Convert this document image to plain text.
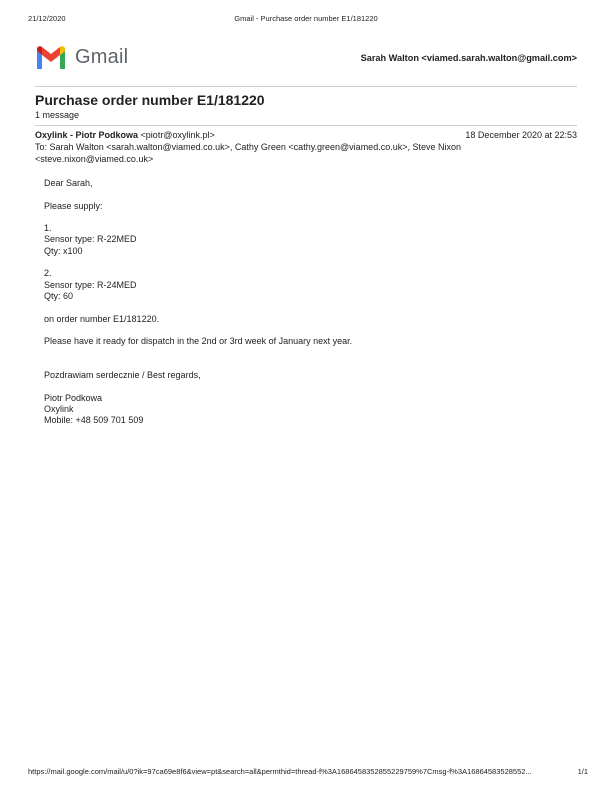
21/12/2020	Gmail - Purchase order number E1/181220
Gmail	Sarah Walton <viamed.sarah.walton@gmail.com>
Purchase order number E1/181220
1 message
Oxylink - Piotr Podkowa <piotr@oxylink.pl>	18 December 2020 at 22:53
To: Sarah Walton <sarah.walton@viamed.co.uk>, Cathy Green <cathy.green@viamed.co.uk>, Steve Nixon
<steve.nixon@viamed.co.uk>
Dear Sarah,
Please supply:
1.
Sensor type: R-22MED
Qty: x100
2.
Sensor type: R-24MED
Qty: 60
on order number E1/181220.
Please have it ready for dispatch in the 2nd or 3rd week of January next year.
Pozdrawiam serdecznie / Best regards,
Piotr Podkowa
Oxylink
Mobile: +48 509 701 509
https://mail.google.com/mail/u/0?ik=97ca69e8f6&view=pt&search=all&permthid=thread-f%3A1686458352855229759%7Cmsg-f%3A16864583528552...	1/1
